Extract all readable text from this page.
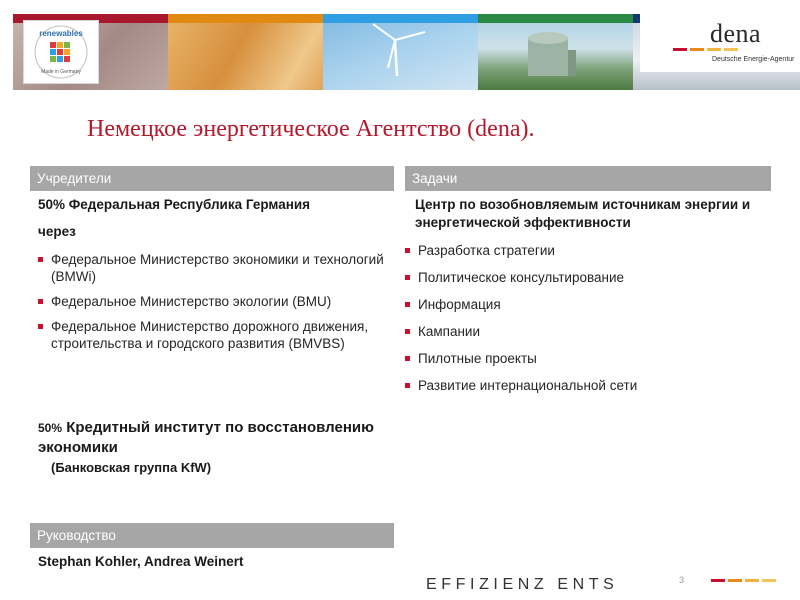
renewables
Made in Germany
dena
Deutsche Energie-Agentur
Немецкое энергетическое Агентство (dena).
Учредители
50% Федеральная Республика Германия
через
Федеральное Министерство экономики и технологий (BMWi)
Федеральное Министерство экологии (BMU)
Федеральное Министерство дорожного движения, строительства и городского развития (BMVBS)
50% Кредитный институт по восстановлению экономики
(Банковская группа KfW)
Задачи
Центр по возобновляемым источникам энергии и энергетической эффективности
Разработка стратегии
Политическое консультирование
Информация
Кампании
Пилотные проекты
Развитие интернациональной сети
Руководство
Stephan Kohler, Andrea Weinert
EFFIZIENZ ENTS	3
